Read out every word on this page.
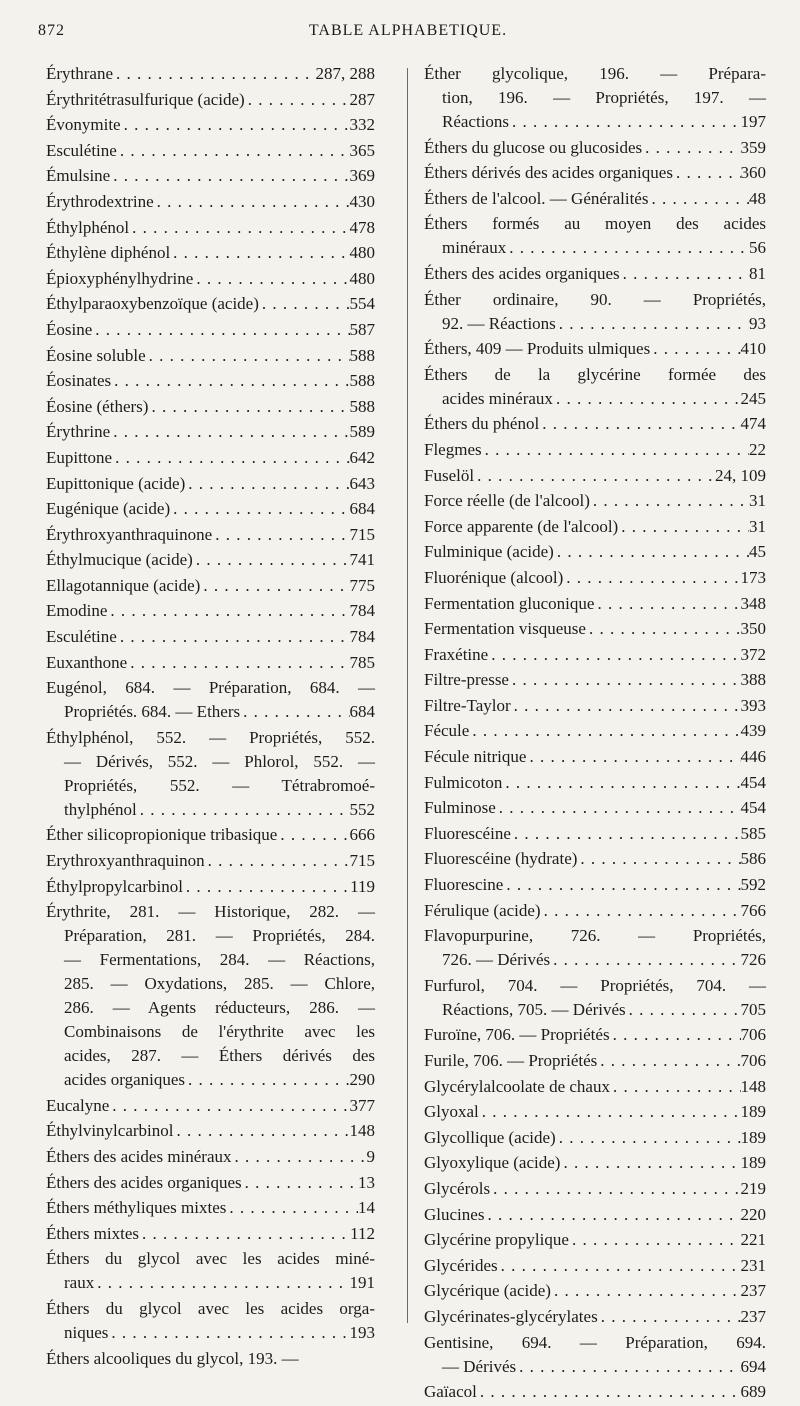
872	TABLE ALPHABETIQUE.
Érythrane . . .	287, 288
Érythritétrasulfurique (acide) . . .	287
Évonymite . . .	332
Esculétine . . .	365
Émulsine . . .	369
Érythrodextrine . . .	430
Éthylphénol . . .	478
Éthylène diphénol . . .	480
Épioxyphénylhydrine . . .	480
Éthylparaoxybenzoïque (acide) . . .	554
Éosine . . .	587
Éosine soluble . . .	588
Éosinates . . .	588
Éosine (éthers) . . .	588
Érythrine . . .	589
Eupittone . . .	642
Eupittonique (acide) . . .	643
Eugénique (acide) . . .	684
Érythroxyanthraquinone . . .	715
Éthylmucique (acide) . . .	741
Ellagotannique (acide) . . .	775
Emodine . . .	784
Esculétine . . .	784
Euxanthone . . .	785
Eugénol, 684. — Préparation, 684. —
Propriétés. 684. — Ethers . . .	684
Éthylphénol, 552. — Propriétés, 552.
— Dérivés, 552. — Phlorol, 552. —
Propriétés, 552. — Tétrabromoé-
thylphénol . . .	552
Éther silicopropionique tribasique . . .	666
Erythroxyanthraquinon . . .	715
Éthylpropylcarbinol . . .	119
Érythrite, 281. — Historique, 282. —
Préparation, 281. — Propriétés, 284.
— Fermentations, 284. — Réactions,
285. — Oxydations, 285. — Chlore,
286. — Agents réducteurs, 286. —
Combinaisons de l'érythrite avec les
acides, 287. — Éthers dérivés des
acides organiques . . .	290
Eucalyne . . .	377
Éthylvinylcarbinol . . .	148
Éthers des acides minéraux . . .	9
Éthers des acides organiques . . .	13
Éthers méthyliques mixtes . . .	14
Éthers mixtes . . .	112
Éthers du glycol avec les acides miné-
raux . . .	191
Éthers du glycol avec les acides orga-
niques . . .	193
Éthers alcooliques du glycol, 193. —
Éther glycolique, 196. — Prépara-
tion, 196. — Propriétés, 197. —
Réactions . . .	197
Éthers du glucose ou glucosides . . .	359
Éthers dérivés des acides organiques . . .	360
Éthers de l'alcool. — Généralités . . .	48
Éthers formés au moyen des acides
minéraux . . .	56
Éthers des acides organiques . . .	81
Éther ordinaire, 90. — Propriétés,
92. — Réactions . . .	93
Éthers, 409 — Produits ulmiques . . .	410
Éthers de la glycérine formée des
acides minéraux . . .	245
Éthers du phénol . . .	474
Flegmes . . .	22
Fuselöl . . .	24, 109
Force réelle (de l'alcool) . . .	31
Force apparente (de l'alcool) . . .	31
Fulminique (acide) . . .	45
Fluorénique (alcool) . . .	173
Fermentation gluconique . . .	348
Fermentation visqueuse . . .	350
Fraxétine . . .	372
Filtre-presse . . .	388
Filtre-Taylor . . .	393
Fécule . . .	439
Fécule nitrique . . .	446
Fulmicoton . . .	454
Fulminose . . .	454
Fluorescéine . . .	585
Fluorescéine (hydrate) . . .	586
Fluorescine . . .	592
Férulique (acide) . . .	766
Flavopurpurine, 726. — Propriétés,
726. — Dérivés . . .	726
Furfurol, 704. — Propriétés, 704. —
Réactions, 705. — Dérivés . . .	705
Furoïne, 706. — Propriétés . . .	706
Furile, 706. — Propriétés . . .	706
Glycérylalcoolate de chaux . . .	148
Glyoxal . . .	189
Glycollique (acide) . . .	189
Glyoxylique (acide) . . .	189
Glycérols . . .	219
Glucines . . .	220
Glycérine propylique . . .	221
Glycérides . . .	231
Glycérique (acide) . . .	237
Glycérinates-glycérylates . . .	237
Gentisine, 694. — Préparation, 694.
— Dérivés . . .	694
Gaïacol . . .	689
